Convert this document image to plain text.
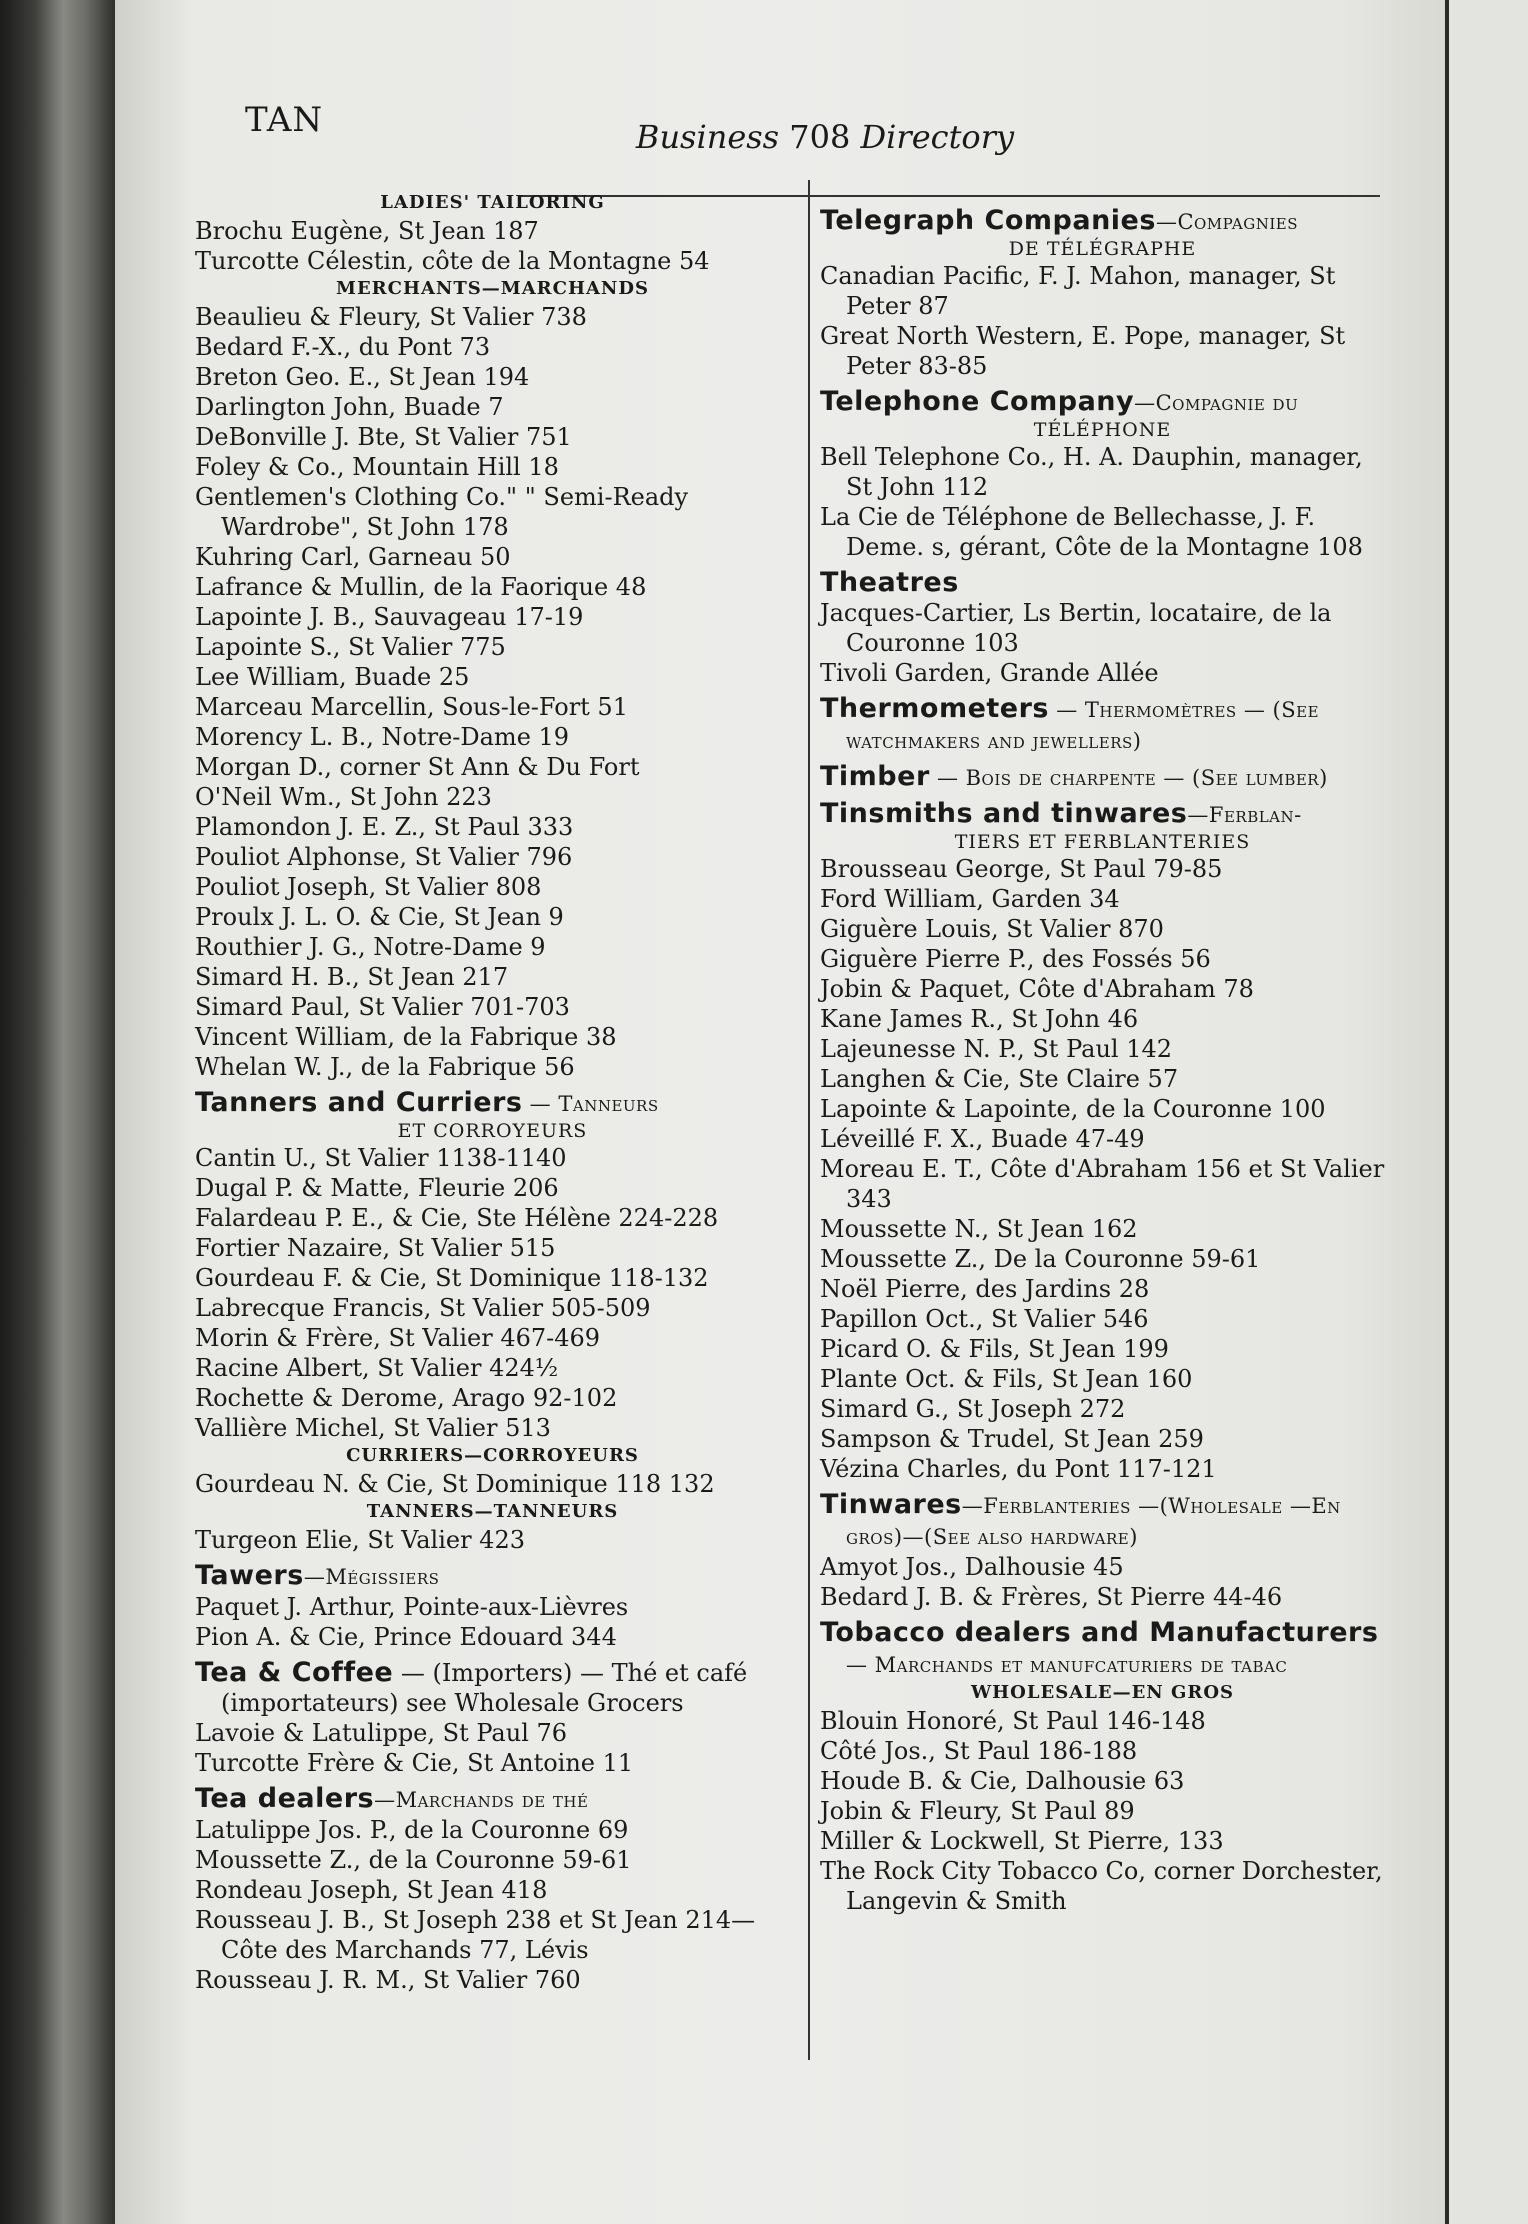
TAN	Business 708 Directory
LADIES' TAILORING
Brochu Eugène, St Jean 187
Turcotte Célestin, côte de la Montagne 54
MERCHANTS—MARCHANDS
Beaulieu & Fleury, St Valier 738
Bedard F.-X., du Pont 73
Breton Geo. E., St Jean 194
Darlington John, Buade 7
DeBonville J. Bte, St Valier 751
Foley & Co., Mountain Hill 18
Gentlemen's Clothing Co." " Semi-Ready Wardrobe", St John 178
Kuhring Carl, Garneau 50
Lafrance & Mullin, de la Faorique 48
Lapointe J. B., Sauvageau 17-19
Lapointe S., St Valier 775
Lee William, Buade 25
Marceau Marcellin, Sous-le-Fort 51
Morency L. B., Notre-Dame 19
Morgan D., corner St Ann & Du Fort
O'Neil Wm., St John 223
Plamondon J. E. Z., St Paul 333
Pouliot Alphonse, St Valier 796
Pouliot Joseph, St Valier 808
Proulx J. L. O. & Cie, St Jean 9
Routhier J. G., Notre-Dame 9
Simard H. B., St Jean 217
Simard Paul, St Valier 701-703
Vincent William, de la Fabrique 38
Whelan W. J., de la Fabrique 56
Tanners and Curriers — Tanneurs
ET CORROYEURS
Cantin U., St Valier 1138-1140
Dugal P. & Matte, Fleurie 206
Falardeau P. E., & Cie, Ste Hélène 224-228
Fortier Nazaire, St Valier 515
Gourdeau F. & Cie, St Dominique 118-132
Labrecque Francis, St Valier 505-509
Morin & Frère, St Valier 467-469
Racine Albert, St Valier 424½
Rochette & Derome, Arago 92-102
Vallière Michel, St Valier 513
CURRIERS—CORROYEURS
Gourdeau N. & Cie, St Dominique 118 132
TANNERS—TANNEURS
Turgeon Elie, St Valier 423
Tawers—Mégissiers
Paquet J. Arthur, Pointe-aux-Lièvres
Pion A. & Cie, Prince Edouard 344
Tea & Coffee — (Importers) — Thé et café (importateurs) see Wholesale Grocers
Lavoie & Latulippe, St Paul 76
Turcotte Frère & Cie, St Antoine 11
Tea dealers—Marchands de thé
Latulippe Jos. P., de la Couronne 69
Moussette Z., de la Couronne 59-61
Rondeau Joseph, St Jean 418
Rousseau J. B., St Joseph 238 et St Jean 214—Côte des Marchands 77, Lévis
Rousseau J. R. M., St Valier 760
Telegraph Companies—Compagnies
DE TÉLÉGRAPHE
Canadian Pacific, F. J. Mahon, manager, St Peter 87
Great North Western, E. Pope, manager, St Peter 83-85
Telephone Company—Compagnie du
TÉLÉPHONE
Bell Telephone Co., H. A. Dauphin, manager, St John 112
La Cie de Téléphone de Bellechasse, J. F. Deme. s, gérant, Côte de la Montagne 108
Theatres
Jacques-Cartier, Ls Bertin, locataire, de la Couronne 103
Tivoli Garden, Grande Allée
Thermometers — Thermomètres — (See watchmakers and jewellers)
Timber — Bois de charpente — (See lumber)
Tinsmiths and tinwares—Ferblan-
TIERS ET FERBLANTERIES
Brousseau George, St Paul 79-85
Ford William, Garden 34
Giguère Louis, St Valier 870
Giguère Pierre P., des Fossés 56
Jobin & Paquet, Côte d'Abraham 78
Kane James R., St John 46
Lajeunesse N. P., St Paul 142
Langhen & Cie, Ste Claire 57
Lapointe & Lapointe, de la Couronne 100
Léveillé F. X., Buade 47-49
Moreau E. T., Côte d'Abraham 156 et St Valier 343
Moussette N., St Jean 162
Moussette Z., De la Couronne 59-61
Noël Pierre, des Jardins 28
Papillon Oct., St Valier 546
Picard O. & Fils, St Jean 199
Plante Oct. & Fils, St Jean 160
Simard G., St Joseph 272
Sampson & Trudel, St Jean 259
Vézina Charles, du Pont 117-121
Tinwares—Ferblanteries —(Wholesale —En gros)—(See also hardware)
Amyot Jos., Dalhousie 45
Bedard J. B. & Frères, St Pierre 44-46
Tobacco dealers and Manufacturers — Marchands et manufcaturiers de tabac
WHOLESALE—EN GROS
Blouin Honoré, St Paul 146-148
Côté Jos., St Paul 186-188
Houde B. & Cie, Dalhousie 63
Jobin & Fleury, St Paul 89
Miller & Lockwell, St Pierre, 133
The Rock City Tobacco Co, corner Dorchester, Langevin & Smith
